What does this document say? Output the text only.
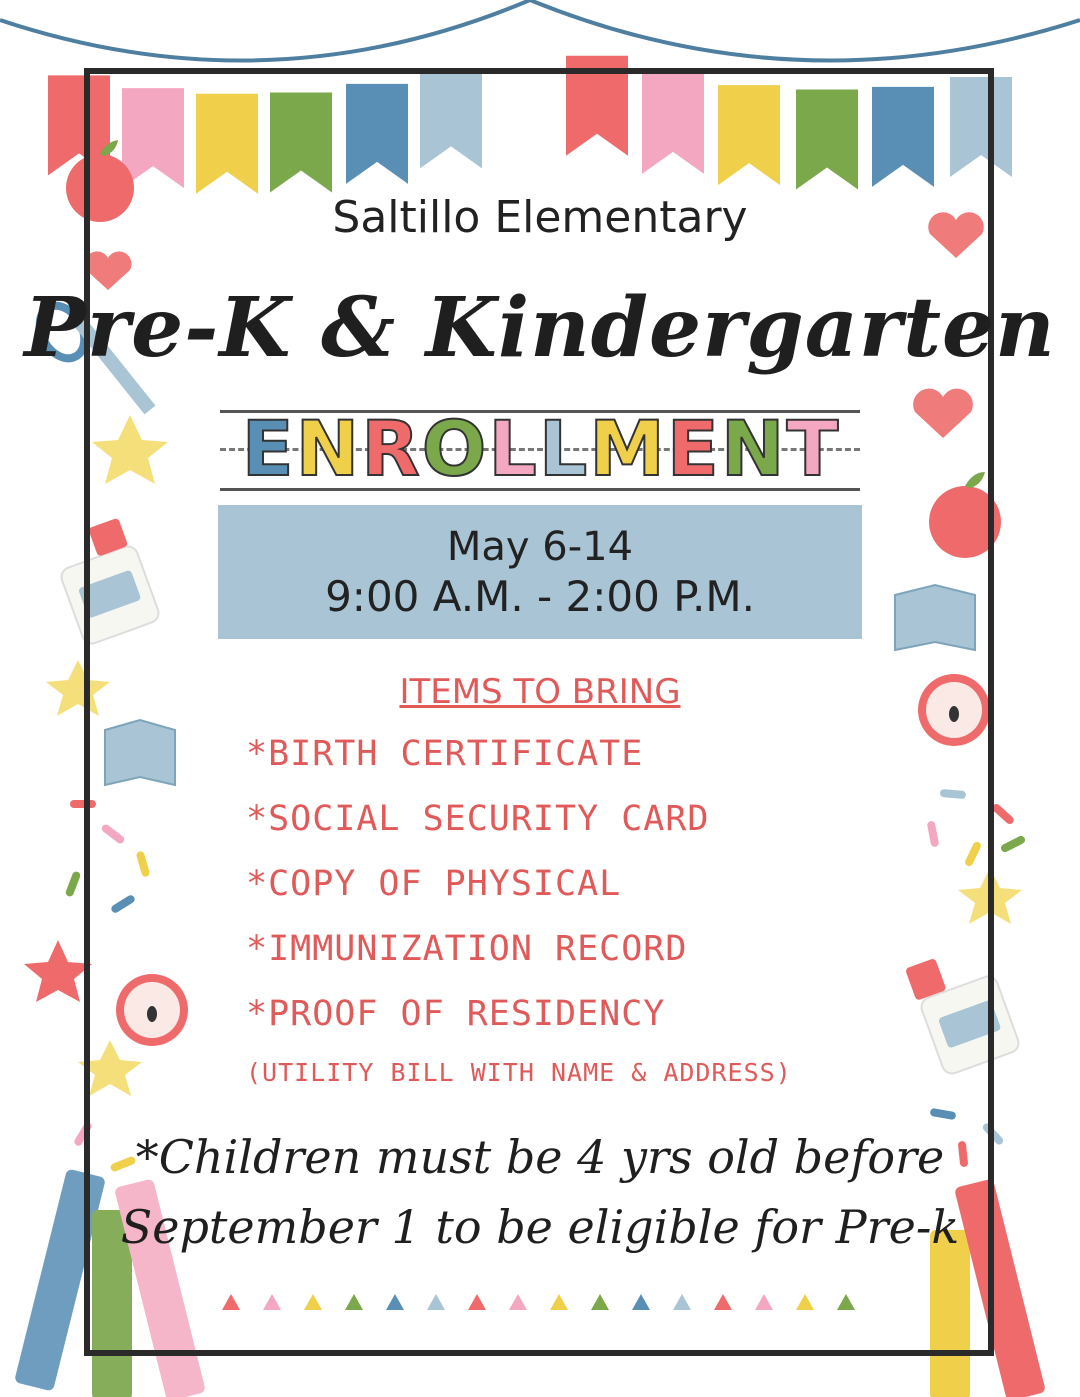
Saltillo Elementary
Pre-K & Kindergarten
E N R O L L M E N T
May 6-14
9:00 A.M. - 2:00 P.M.
ITEMS TO BRING
*BIRTH CERTIFICATE
*SOCIAL SECURITY CARD
*COPY OF PHYSICAL
*IMMUNIZATION RECORD
*PROOF OF RESIDENCY
(UTILITY BILL WITH NAME & ADDRESS)
*Children must be 4 yrs old before
September 1 to be eligible for Pre-k
